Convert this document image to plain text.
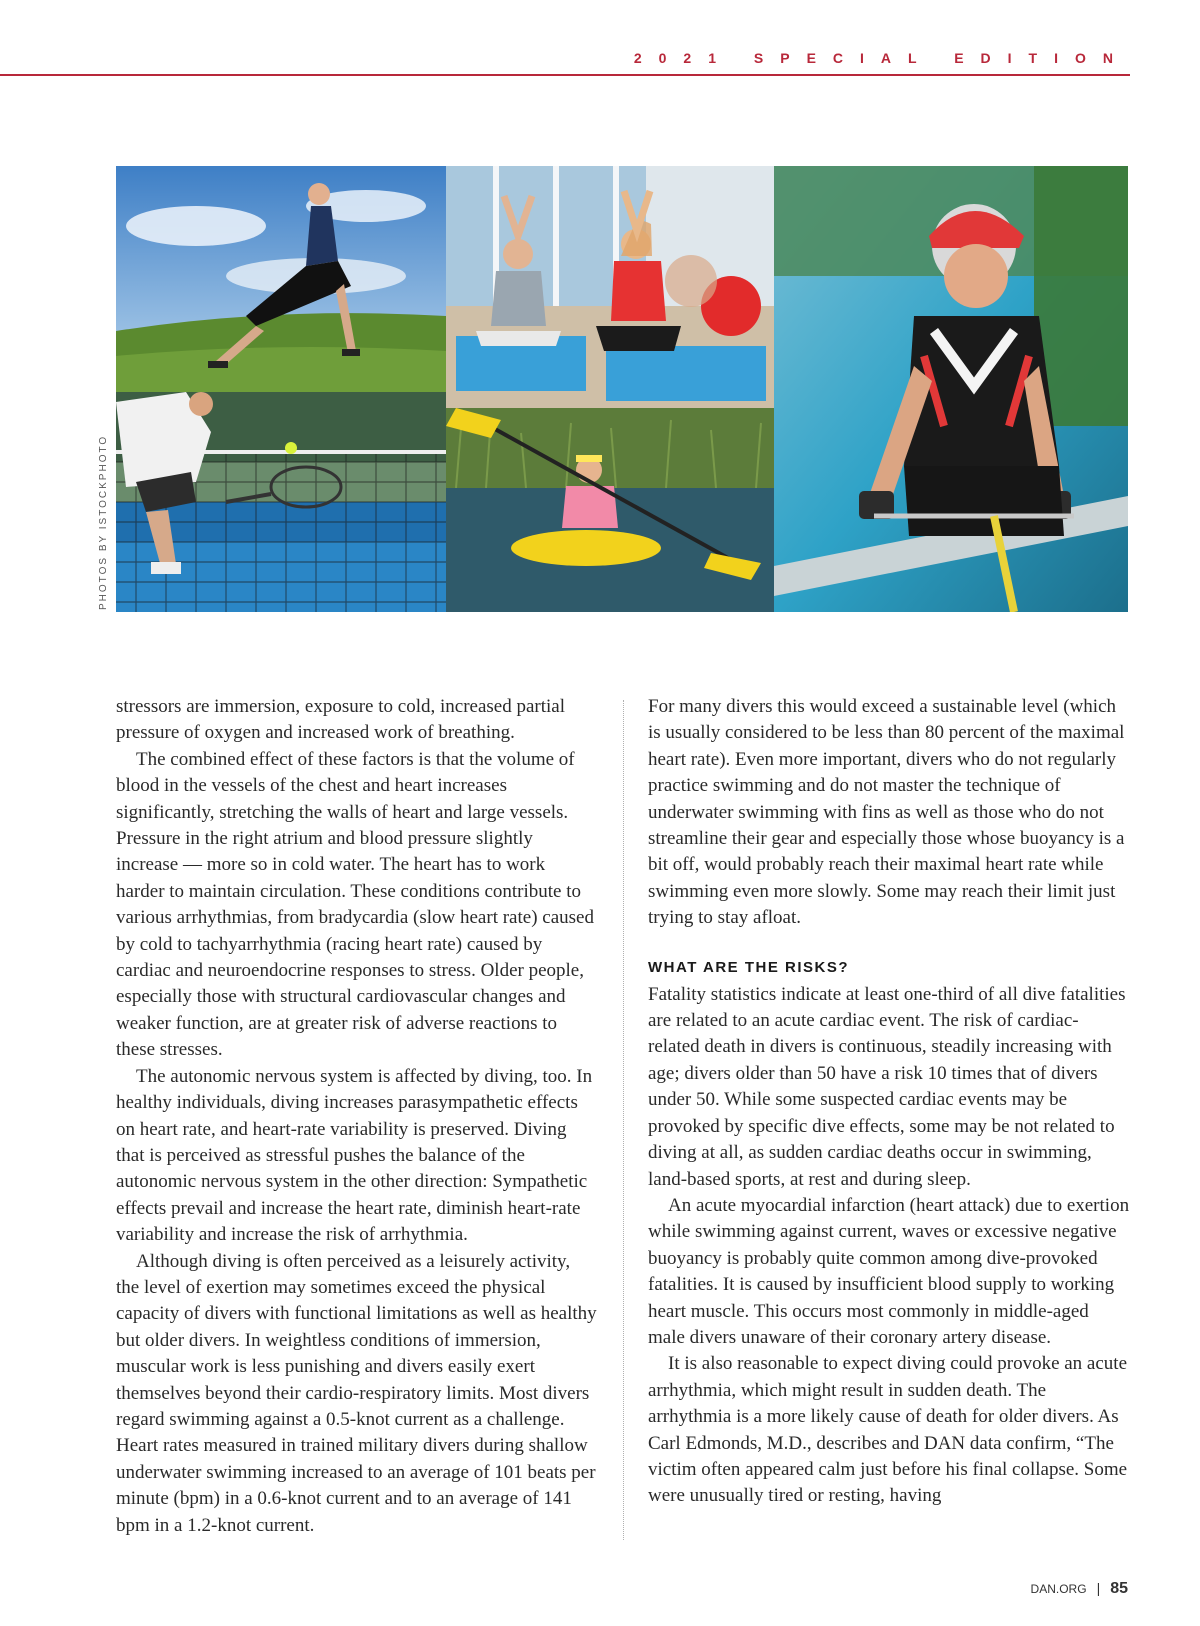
2021 SPECIAL EDITION
PHOTOS BY ISTOCKPHOTO

stressors are immersion, exposure to cold, increased partial pressure of oxygen and increased work of breathing.

The combined effect of these factors is that the volume of blood in the vessels of the chest and heart increases significantly, stretching the walls of heart and large vessels. Pressure in the right atrium and blood pressure slightly increase — more so in cold water. The heart has to work harder to maintain circulation. These conditions contribute to various arrhythmias, from bradycardia (slow heart rate) caused by cold to tachyarrhythmia (racing heart rate) caused by cardiac and neuroendocrine responses to stress. Older people, especially those with structural cardiovascular changes and weaker function, are at greater risk of adverse reactions to these stresses.

The autonomic nervous system is affected by diving, too. In healthy individuals, diving increases parasympathetic effects on heart rate, and heart-rate variability is preserved. Diving that is perceived as stressful pushes the balance of the autonomic nervous system in the other direction: Sympathetic effects prevail and increase the heart rate, diminish heart-rate variability and increase the risk of arrhythmia.

Although diving is often perceived as a leisurely activity, the level of exertion may sometimes exceed the physical capacity of divers with functional limitations as well as healthy but older divers. In weightless conditions of immersion, muscular work is less punishing and divers easily exert themselves beyond their cardio-respiratory limits. Most divers regard swimming against a 0.5-knot current as a challenge. Heart rates measured in trained military divers during shallow underwater swimming increased to an average of 101 beats per minute (bpm) in a 0.6-knot current and to an average of 141 bpm in a 1.2-knot current.

For many divers this would exceed a sustainable level (which is usually considered to be less than 80 percent of the maximal heart rate). Even more important, divers who do not regularly practice swimming and do not master the technique of underwater swimming with fins as well as those who do not streamline their gear and especially those whose buoyancy is a bit off, would probably reach their maximal heart rate while swimming even more slowly. Some may reach their limit just trying to stay afloat.

WHAT ARE THE RISKS?

Fatality statistics indicate at least one-third of all dive fatalities are related to an acute cardiac event. The risk of cardiac-related death in divers is continuous, steadily increasing with age; divers older than 50 have a risk 10 times that of divers under 50. While some suspected cardiac events may be provoked by specific dive effects, some may be not related to diving at all, as sudden cardiac deaths occur in swimming, land-based sports, at rest and during sleep.

An acute myocardial infarction (heart attack) due to exertion while swimming against current, waves or excessive negative buoyancy is probably quite common among dive-provoked fatalities. It is caused by insufficient blood supply to working heart muscle. This occurs most commonly in middle-aged male divers unaware of their coronary artery disease.

It is also reasonable to expect diving could provoke an acute arrhythmia, which might result in sudden death. The arrhythmia is a more likely cause of death for older divers. As Carl Edmonds, M.D., describes and DAN data confirm, “The victim often appeared calm just before his final collapse. Some were unusually tired or resting, having

DAN.ORG | 85
